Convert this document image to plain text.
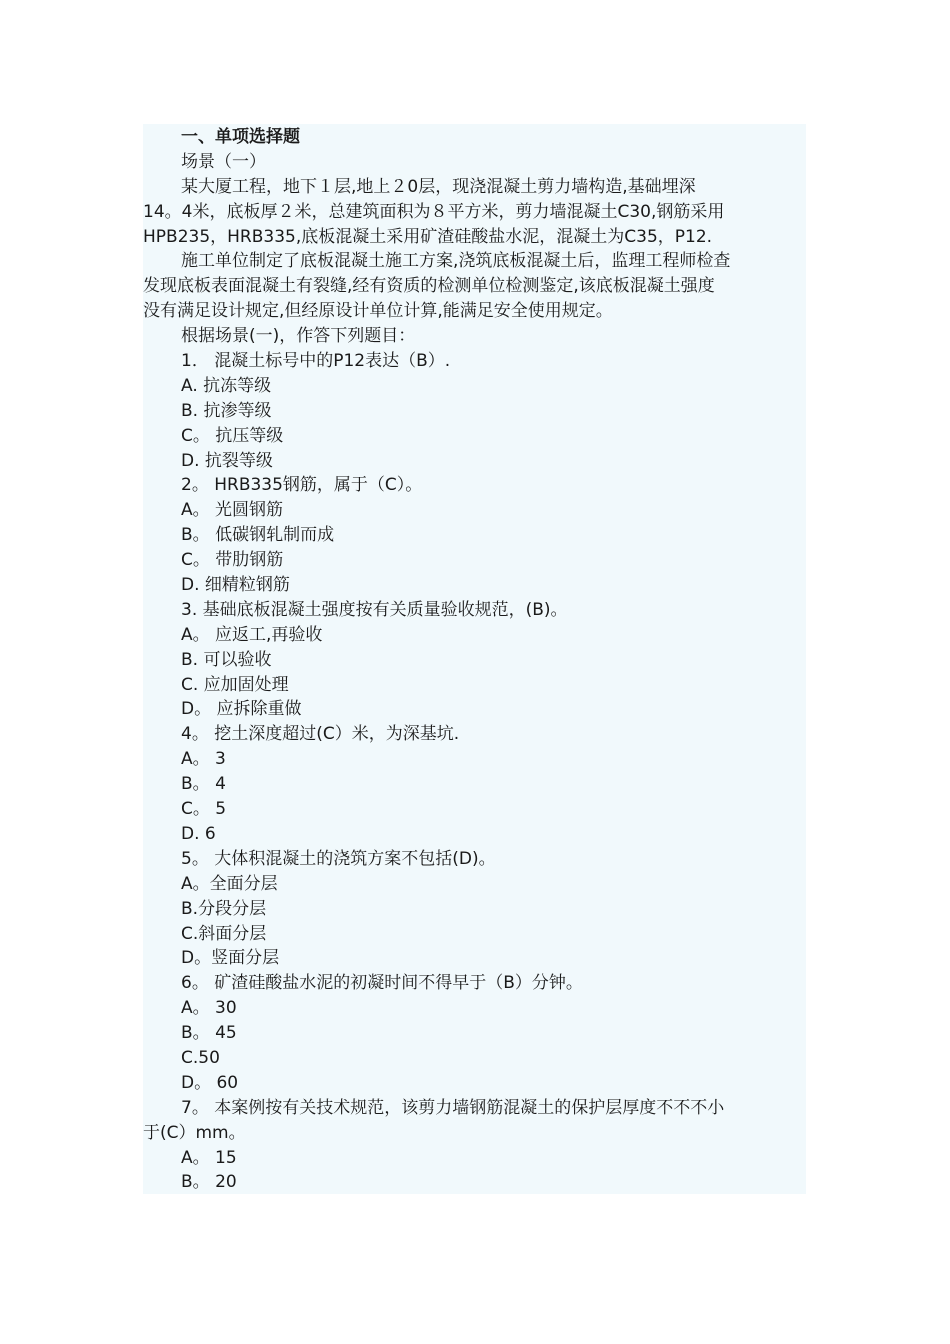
一、单项选择题
场景（一）
某大厦工程，地下１层,地上２0层，现浇混凝土剪力墙构造,基础埋深
14。4米，底板厚２米，总建筑面积为８平方米，剪力墙混凝土C30,钢筋采用
HPB235，HRB335,底板混凝土采用矿渣硅酸盐水泥，混凝土为C35，P12.
施工单位制定了底板混凝土施工方案,浇筑底板混凝土后，监理工程师检查
发现底板表面混凝土有裂缝,经有资质的检测单位检测鉴定,该底板混凝土强度
没有满足设计规定,但经原设计单位计算,能满足安全使用规定。
根据场景(一)，作答下列题目：
1． 混凝土标号中的P12表达（B）.
A. 抗冻等级
B. 抗渗等级
C。 抗压等级
D. 抗裂等级
2。 HRB335钢筋，属于（C）。
A。 光圆钢筋
B。 低碳钢轧制而成
C。 带肋钢筋
D. 细精粒钢筋
3. 基础底板混凝土强度按有关质量验收规范，(B)。
A。 应返工,再验收
B. 可以验收
C. 应加固处理
D。 应拆除重做
4。 挖土深度超过(C）米，为深基坑.
A。 3
B。 4
C。 5
D. 6
5。 大体积混凝土的浇筑方案不包括(D)。
A。全面分层
B.分段分层
C.斜面分层
D。竖面分层
6。 矿渣硅酸盐水泥的初凝时间不得早于（B）分钟。
A。 30
B。 45
C.50
D。 60
7。 本案例按有关技术规范，该剪力墙钢筋混凝土的保护层厚度不不不小
于(C）mm。
A。 15
B。 20
